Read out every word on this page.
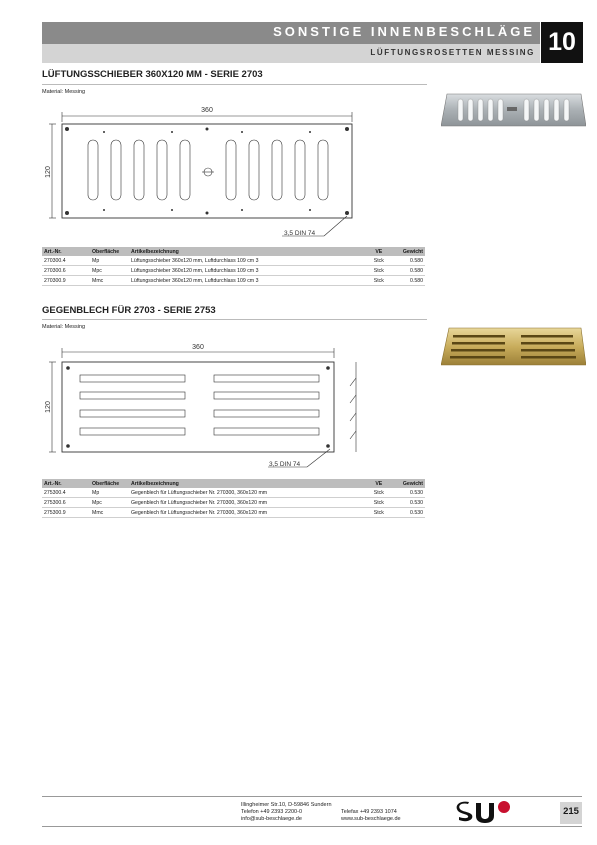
SONSTIGE INNENBESCHLÄGE
LÜFTUNGSROSETTEN MESSING 10
LÜFTUNGSSCHIEBER 360X120 MM - SERIE 2703
Material: Messing
360
120
3,5 DIN 74
Art.-Nr.	Oberfläche	Artikelbezeichnung	VE	Gewicht
270300.4	Mp	Lüftungsschieber 360x120 mm, Luftdurchlass 109 cm 3	Stck	0.580
270300.6	Mpc	Lüftungsschieber 360x120 mm, Luftdurchlass 109 cm 3	Stck	0.580
270300.9	Mmc	Lüftungsschieber 360x120 mm, Luftdurchlass 109 cm 3	Stck	0.580
GEGENBLECH FÜR 2703 - SERIE 2753
Material: Messing
360
120
3,5 DIN 74
Art.-Nr.	Oberfläche	Artikelbezeichnung	VE	Gewicht
275300.4	Mp	Gegenblech für Lüftungsschieber Nr. 270300, 360x120 mm	Stck	0.530
275300.6	Mpc	Gegenblech für Lüftungsschieber Nr. 270300, 360x120 mm	Stck	0.530
275300.9	Mmc	Gegenblech für Lüftungsschieber Nr. 270300, 360x120 mm	Stck	0.530
Illingheimer Str.10, D-59846 Sundern
Telefon +49 2393 2200-0	Telefax +49 2393 1074
info@sub-beschlaege.de	www.sub-beschlaege.de
215
